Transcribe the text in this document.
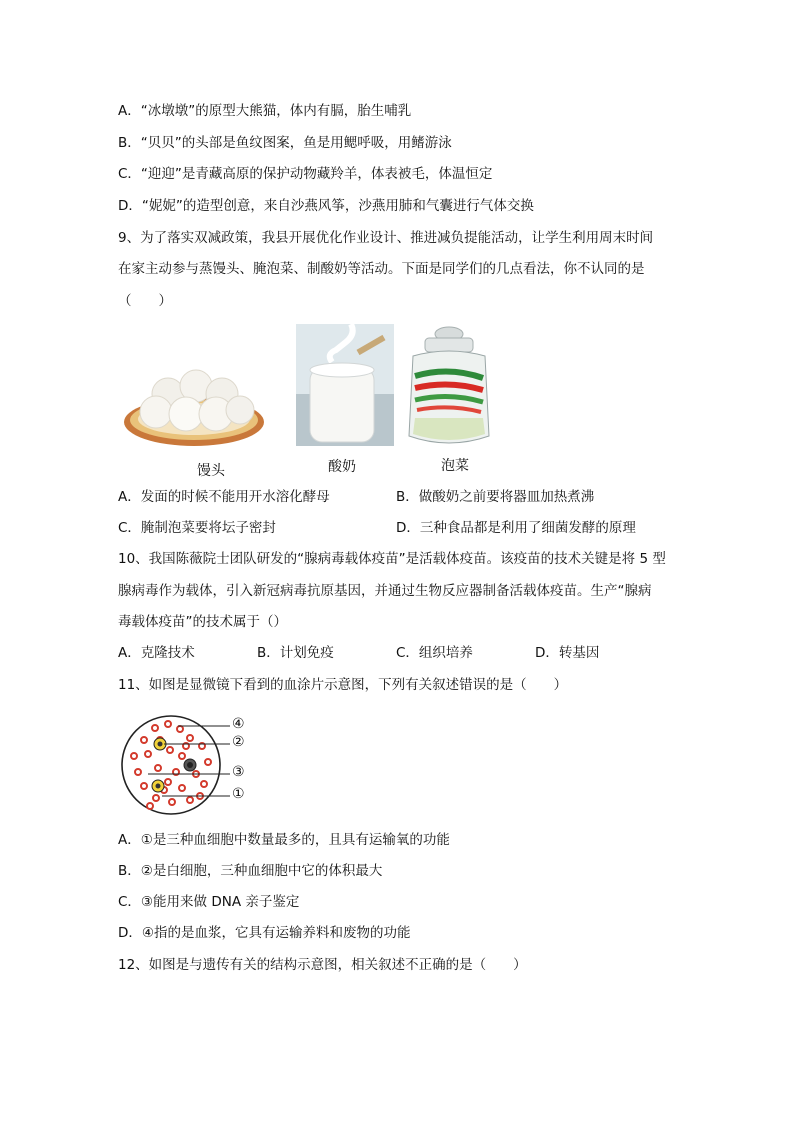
A．“冰墩墩”的原型大熊猫，体内有膈，胎生哺乳
B．“贝贝”的头部是鱼纹图案，鱼是用鳃呼吸，用鳍游泳
C．“迎迎”是青藏高原的保护动物藏羚羊，体表被毛，体温恒定
D．“妮妮”的造型创意，来自沙燕风筝，沙燕用肺和气囊进行气体交换
9、为了落实双减政策，我县开展优化作业设计、推进减负提能活动，让学生利用周末时间
在家主动参与蒸馒头、腌泡菜、制酸奶等活动。下面是同学们的几点看法，你不认同的是
（　　）
馒头	酸奶	泡菜
A．发面的时候不能用开水溶化酵母	B．做酸奶之前要将器皿加热煮沸
C．腌制泡菜要将坛子密封	D．三种食品都是利用了细菌发酵的原理
10、我国陈薇院士团队研发的“腺病毒载体疫苗”是活载体疫苗。该疫苗的技术关键是将 5 型
腺病毒作为载体，引入新冠病毒抗原基因，并通过生物反应器制备活载体疫苗。生产“腺病
毒载体疫苗”的技术属于（）
A．克隆技术	B．计划免疫	C．组织培养	D．转基因
11、如图是显微镜下看到的血涂片示意图，下列有关叙述错误的是（　　）
④
②
③
①
A．①是三种血细胞中数量最多的，且具有运输氧的功能
B．②是白细胞，三种血细胞中它的体积最大
C．③能用来做 DNA 亲子鉴定
D．④指的是血浆，它具有运输养料和废物的功能
12、如图是与遗传有关的结构示意图，相关叙述不正确的是（　　）
